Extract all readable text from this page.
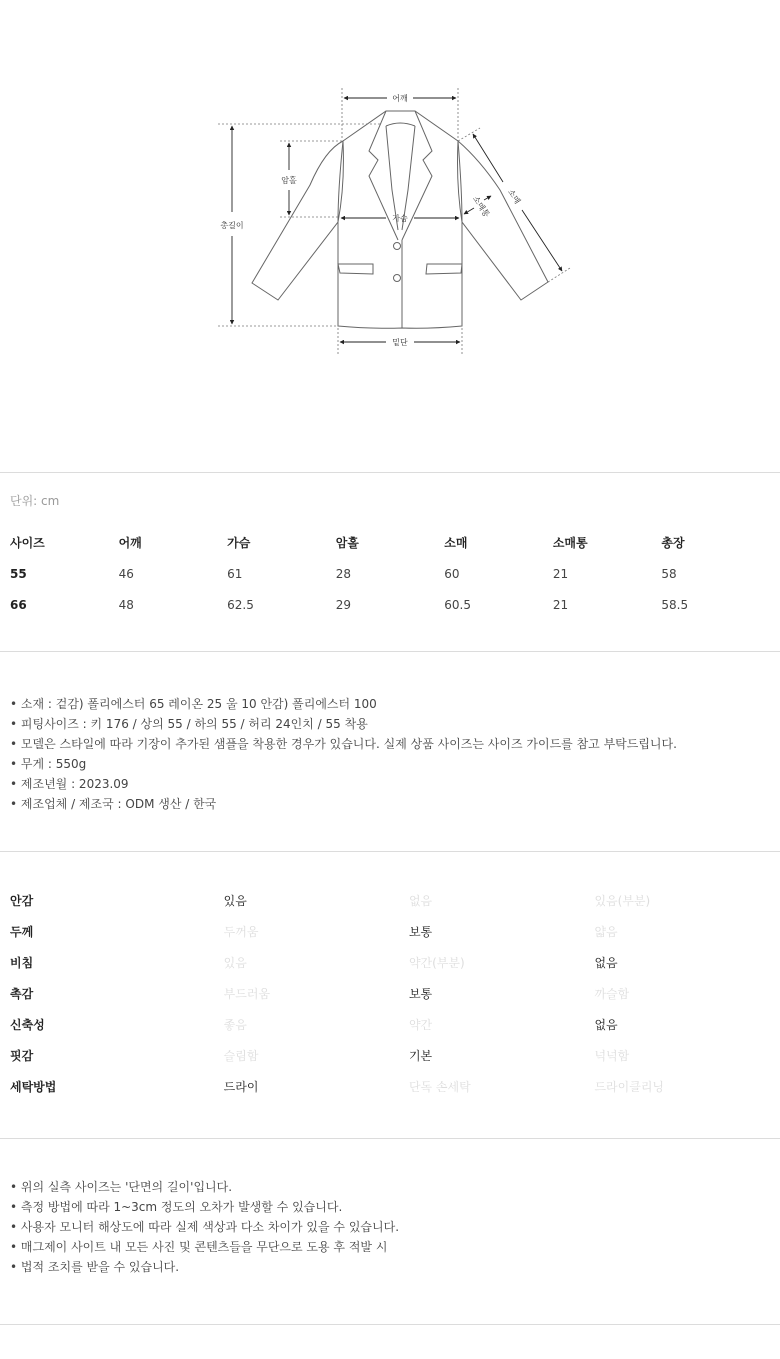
어깨
총길이
암홀
가슴
밑단
소매
소매통
단위: cm
사이즈	어깨	가슴	암홀	소매	소매통	총장
55	46	61	28	60	21	58
66	48	62.5	29	60.5	21	58.5
• 소재 : 겉감) 폴리에스터 65 레이온 25 울 10 안감) 폴리에스터 100
• 피팅사이즈 : 키 176 / 상의 55 / 하의 55 / 허리 24인치 / 55 착용
• 모델은 스타일에 따라 기장이 추가된 샘플을 착용한 경우가 있습니다. 실제 상품 사이즈는 사이즈 가이드를 참고 부탁드립니다.
• 무게 : 550g
• 제조년월 : 2023.09
• 제조업체 / 제조국 : ODM 생산 / 한국
안감	있음	없음	있음(부분)
두께	두꺼움	보통	얇음
비침	있음	약간(부분)	없음
촉감	부드러움	보통	까슬함
신축성	좋음	약간	없음
핏감	슬림함	기본	넉넉함
세탁방법	드라이	단독 손세탁	드라이클리닝
• 위의 실측 사이즈는 '단면의 길이'입니다.
• 측정 방법에 따라 1~3cm 정도의 오차가 발생할 수 있습니다.
• 사용자 모니터 해상도에 따라 실제 색상과 다소 차이가 있을 수 있습니다.
• 매그제이 사이트 내 모든 사진 및 콘텐츠들을 무단으로 도용 후 적발 시
• 법적 조치를 받을 수 있습니다.
